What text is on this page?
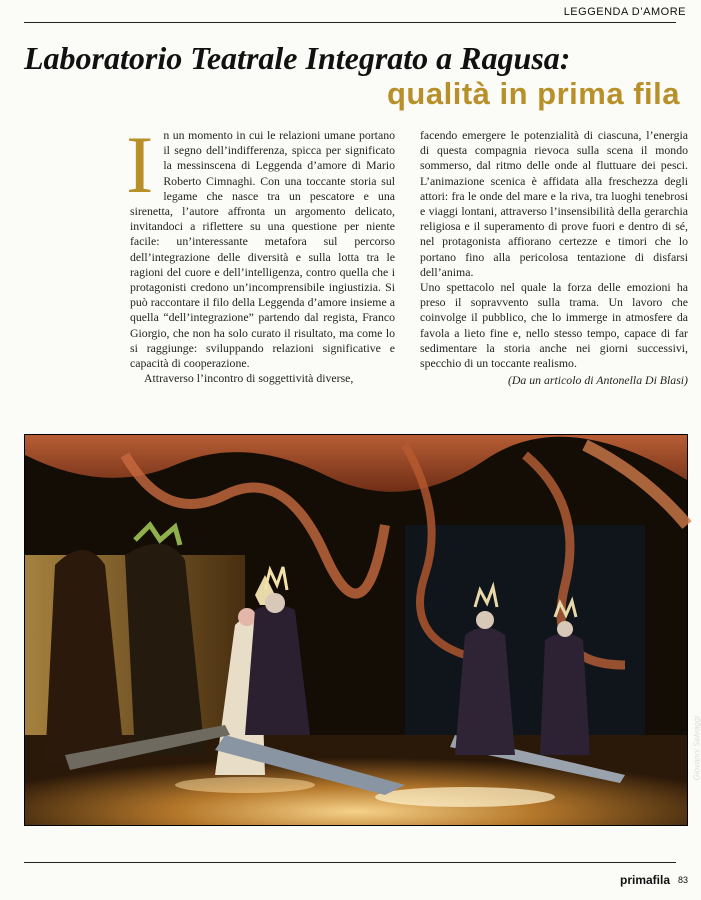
LEGGENDA D’AMORE
Laboratorio Teatrale Integrato a Ragusa:
qualità in prima fila
I n un momento in cui le relazioni umane portano il segno dell’indifferenza, spicca per significato la messinscena di Leggenda d’amore di Mario Roberto Cimnaghi. Con una toccante storia sul legame che nasce tra un pescatore e una sirenetta, l’autore affronta un argomento delicato, invitandoci a riflettere su una questione per niente facile: un’interessante metafora sul percorso dell’integrazione delle diversità e sulla lotta tra le ragioni del cuore e dell’intelligenza, contro quella che i protagonisti credono un’incomprensibile ingiustizia. Si può raccontare il filo della Leggenda d’amore insieme a quella “dell’integrazione” partendo dal regista, Franco Giorgio, che non ha solo curato il risultato, ma come lo si raggiunge: sviluppando relazioni significative e capacità di cooperazione.

Attraverso l’incontro di soggettività diverse,

facendo emergere le potenzialità di ciascuna, l’energia di questa compagnia rievoca sulla scena il mondo sommerso, dal ritmo delle onde al fluttuare dei pesci. L’animazione scenica è affidata alla freschezza degli attori: fra le onde del mare e la riva, tra luoghi tenebrosi e viaggi lontani, attraverso l’insensibilità della gerarchia religiosa e il superamento di prove fuori e dentro di sé, nel protagonista affiorano certezze e timori che lo portano fino alla pericolosa tentazione di disfarsi dell’anima.

Uno spettacolo nel quale la forza delle emozioni ha preso il sopravvento sulla trama. Un lavoro che coinvolge il pubblico, che lo immerge in atmosfere da favola a lieto fine e, nello stesso tempo, capace di far sedimentare la storia anche nei giorni successivi, specchio di un toccante realismo.

(Da un articolo di Antonella Di Blasi)

Giovanni Selvaggi
primafila 83
